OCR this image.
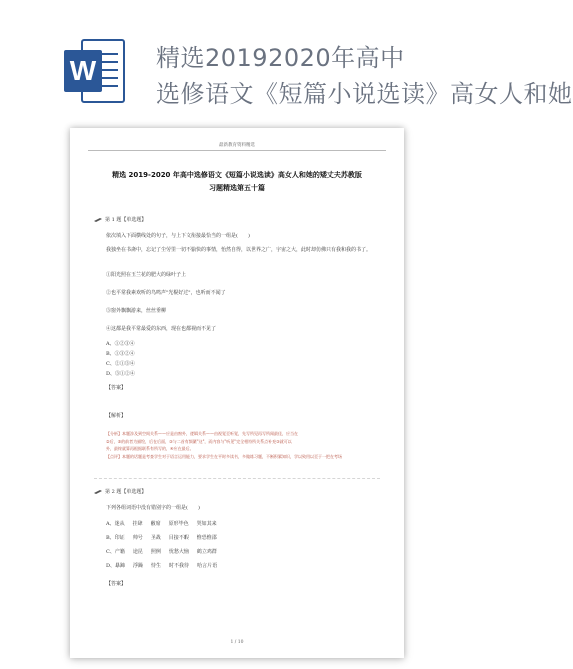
W 精选20192020年高中
选修语文《短篇小说选读》高女人和她
最新教育资料精选
精选 2019-2020 年高中选修语文《短篇小说选读》高女人和她的矮丈夫苏教版
习题精选第五十篇
第 1 题【单选题】
依次填入下面横线处的句子，与上下文衔接最恰当的一组是(　　)
我独坐在书斋中，忘记了尘劳里一切不愉快的事情，怡然自得，以世界之广，宇宙之大，此时却仿佛只有我和我的书了。
①阳光照在玉兰花的肥大的绿叶子上
②也平常我素欢听的鸟鸣声"光棍好过"，也听而不闻了
③窗外飘飘游来，丝丝垂柳
④这都是我平常最爱的东西，现在也都视而不见了
A、①②③④
B、①③②④
C、②①③④
D、③①②④
【答案】
【解析】
【分析】本题涉及到空间关系——应是由窗外，逻辑关系——由视觉至听觉，先写所见再写所闻最佳，应当在
②后，③的前者为描绘，后在后面，③与二首有频繁"这"，而内容与"听见"完全相符所关系点补充③就可以
外，最终就算再根据联系有所写的，④应在最后。
【点评】本题的话题是考查学生对于语言运用能力，要求学生在平时多读书，多做练习题，不断积累知识，学以致用以至于一把在考场
第 2 题【单选题】
下列各组词语中没有错别字的一组是(　　)
A、迷从 挂肆 敝席 原形毕色 哭如其来
B、印证 帅号 圣战 目接不暇 惟恐惟邵
C、产籍 途昆 照例 忧愁大恼 鹤立鸡群
D、暴蹄 浮躁 恃生 时不我待 哈言片语
【答案】
1 / 10
